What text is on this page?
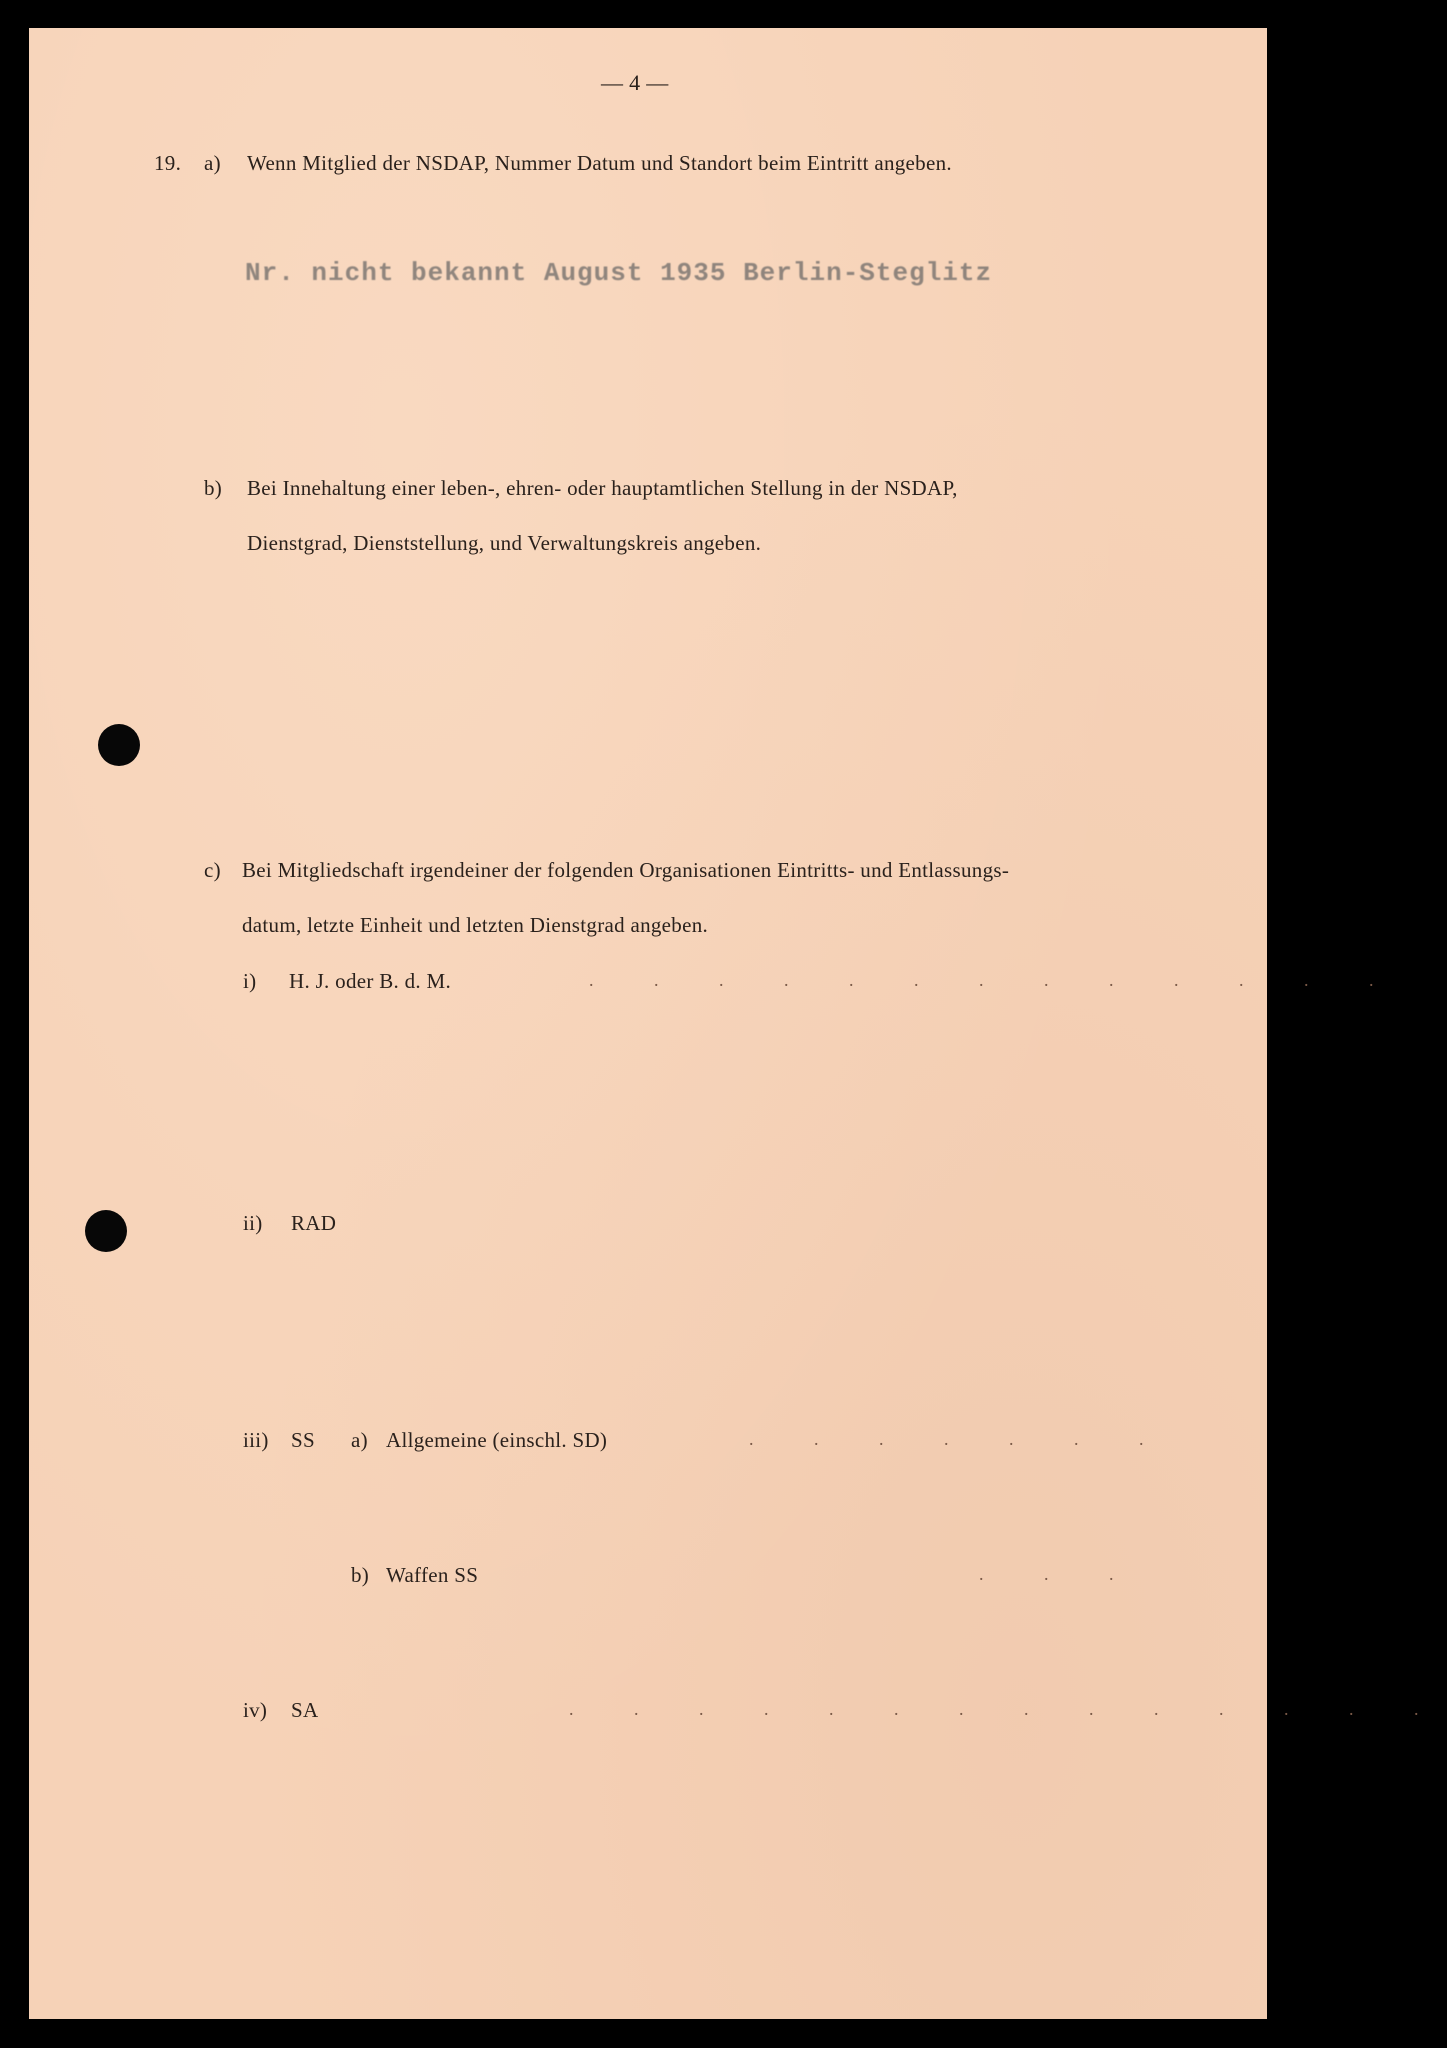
— 4 —
19. a) Wenn Mitglied der NSDAP, Nummer Datum und Standort beim Eintritt angeben.
Nr. nicht bekannt August 1935 Berlin-Steglitz
b) Bei Innehaltung einer leben-, ehren- oder hauptamtlichen Stellung in der NSDAP,
Dienstgrad, Dienststellung, und Verwaltungskreis angeben.
c) Bei Mitgliedschaft irgendeiner der folgenden Organisationen Eintritts- und Entlassungs-
datum, letzte Einheit und letzten Dienstgrad angeben.
i) H. J. oder B. d. M.	. . . . . . . . . . . . .
ii) RAD
iii) SS a) Allgemeine (einschl. SD)	. . . . . . .
b) Waffen SS	. . .
iv) SA	. . . . . . . . . . . . . .
